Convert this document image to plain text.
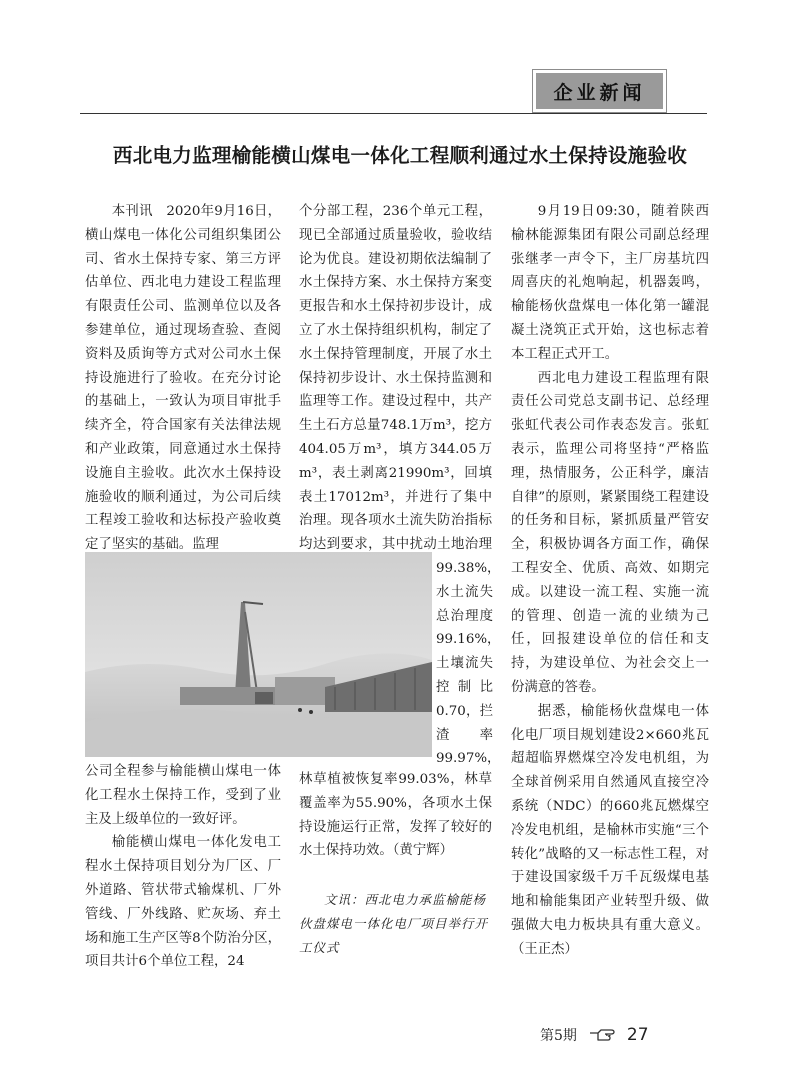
企业新闻
西北电力监理榆能横山煤电一体化工程顺利通过水土保持设施验收

本刊讯　2020年9月16日，横山煤电一体化公司组织集团公司、省水土保持专家、第三方评估单位、西北电力建设工程监理有限责任公司、监测单位以及各参建单位，通过现场查验、查阅资料及质询等方式对公司水土保持设施进行了验收。在充分讨论的基础上，一致认为项目审批手续齐全，符合国家有关法律法规和产业政策，同意通过水土保持设施自主验收。此次水土保持设施验收的顺利通过，为公司后续工程竣工验收和达标投产验收奠定了坚实的基础。监理

个分部工程，236个单元工程，现已全部通过质量验收，验收结论为优良。建设初期依法编制了水土保持方案、水土保持方案变更报告和水土保持初步设计，成立了水土保持组织机构，制定了水土保持管理制度，开展了水土保持初步设计、水土保持监测和监理等工作。建设过程中，共产生土石方总量748.1万m³，挖方404.05万m³，填方344.05万m³，表土剥离21990m³，回填表土17012m³，并进行了集中治理。现各项水土流失防治指标均达到要求，其中扰动土地治理

99.38%，水土流失总治理度99.16%，土壤流失控制比0.70，拦渣率99.97%，

公司全程参与榆能横山煤电一体化工程水土保持工作，受到了业主及上级单位的一致好评。

榆能横山煤电一体化发电工程水土保持项目划分为厂区、厂外道路、管状带式输煤机、厂外管线、厂外线路、贮灰场、弃土场和施工生产区等8个防治分区，项目共计6个单位工程，24

林草植被恢复率99.03%，林草覆盖率为55.90%，各项水土保持设施运行正常，发挥了较好的水土保持功效。（黄宁辉）

文讯：西北电力承监榆能杨伙盘煤电一体化电厂项目举行开工仪式

9月19日09:30，随着陕西榆林能源集团有限公司副总经理张继孝一声令下，主厂房基坑四周喜庆的礼炮响起，机器轰鸣，榆能杨伙盘煤电一体化第一罐混凝土浇筑正式开始，这也标志着本工程正式开工。

西北电力建设工程监理有限责任公司党总支副书记、总经理张虹代表公司作表态发言。张虹表示，监理公司将坚持“严格监理，热情服务，公正科学，廉洁自律”的原则，紧紧围绕工程建设的任务和目标，紧抓质量严管安全，积极协调各方面工作，确保工程安全、优质、高效、如期完成。以建设一流工程、实施一流的管理、创造一流的业绩为己任，回报建设单位的信任和支持，为建设单位、为社会交上一份满意的答卷。

据悉，榆能杨伙盘煤电一体化电厂项目规划建设2×660兆瓦超超临界燃煤空冷发电机组，为全球首例采用自然通风直接空冷系统（NDC）的660兆瓦燃煤空冷发电机组，是榆林市实施“三个转化”战略的又一标志性工程，对于建设国家级千万千瓦级煤电基地和榆能集团产业转型升级、做强做大电力板块具有重大意义。（王正杰）

第5期	27
